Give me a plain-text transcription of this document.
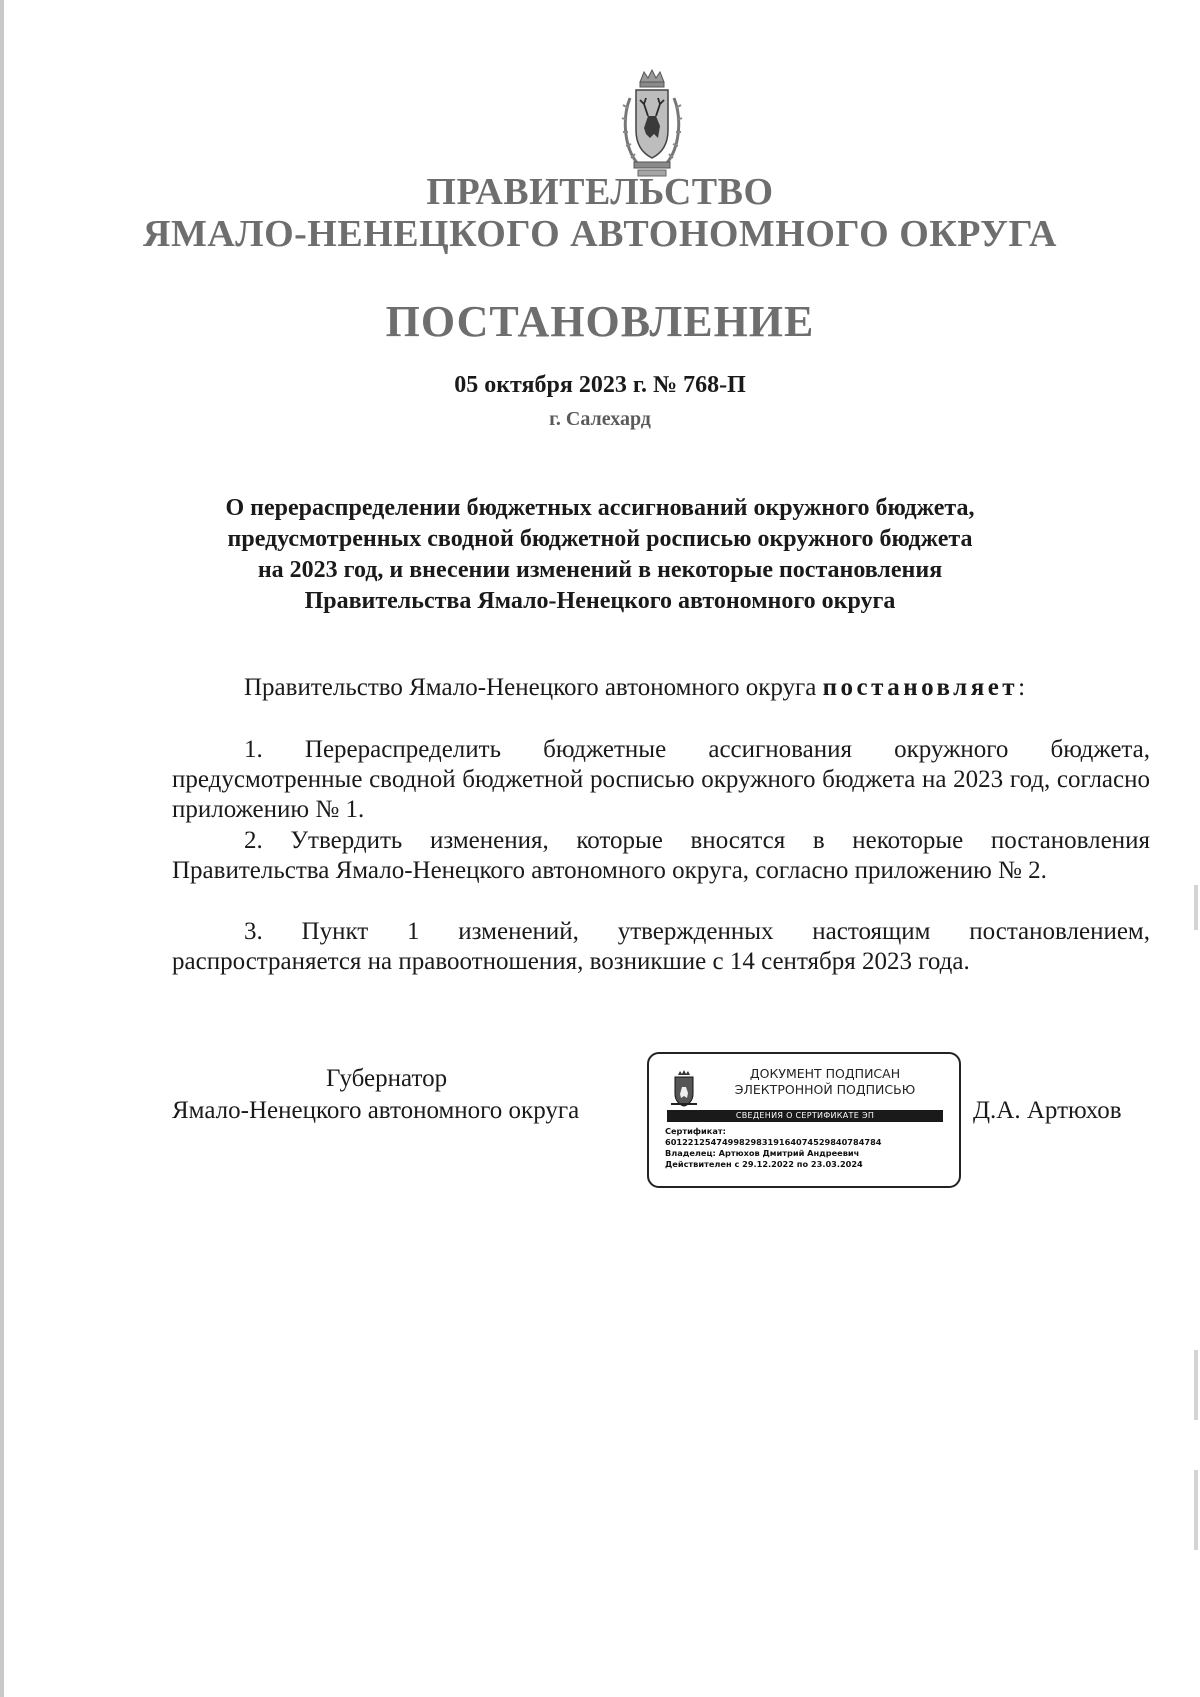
ПРАВИТЕЛЬСТВО
ЯМАЛО-НЕНЕЦКОГО АВТОНОМНОГО ОКРУГА
ПОСТАНОВЛЕНИЕ
05 октября 2023 г. № 768-П
г. Салехард
О перераспределении бюджетных ассигнований окружного бюджета,
предусмотренных сводной бюджетной росписью окружного бюджета
на 2023 год, и внесении изменений в некоторые постановления
Правительства Ямало-Ненецкого автономного округа
Правительство Ямало-Ненецкого автономного округа постановляет:
1. Перераспределить бюджетные ассигнования окружного бюджета, предусмотренные сводной бюджетной росписью окружного бюджета на 2023 год, согласно приложению № 1.
2. Утвердить изменения, которые вносятся в некоторые постановления Правительства Ямало-Ненецкого автономного округа, согласно приложению № 2.
3. Пункт 1 изменений, утвержденных настоящим постановлением, распространяется на правоотношения, возникшие с 14 сентября 2023 года.
Губернатор
Ямало-Ненецкого автономного округа	Д.А. Артюхов
ДОКУМЕНТ ПОДПИСАН
ЭЛЕКТРОННОЙ ПОДПИСЬЮ
СВЕДЕНИЯ О СЕРТИФИКАТЕ ЭП
Сертификат:
601221254749982983191640745298407847​84
Владелец: Артюхов Дмитрий Андреевич
Действителен с 29.12.2022 по 23.03.2024
